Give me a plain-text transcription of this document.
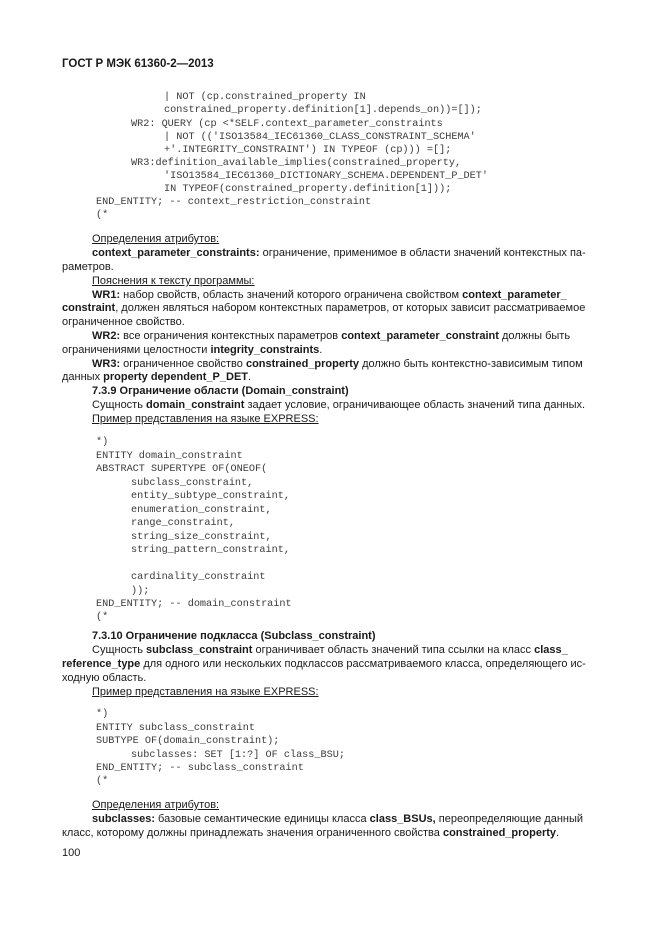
ГОСТ Р МЭК 61360-2—2013
| NOT (cp.constrained_property IN
constrained_property.definition[1].depends_on))=[]);
WR2: QUERY (cp <*SELF.context_parameter_constraints
| NOT (('ISO13584_IEC61360_CLASS_CONSTRAINT_SCHEMA'
+'.INTEGRITY_CONSTRAINT') IN TYPEOF (cp))) =[];
WR3:definition_available_implies(constrained_property,
'ISO13584_IEC61360_DICTIONARY_SCHEMA.DEPENDENT_P_DET'
IN TYPEOF(constrained_property.definition[1]));
END_ENTITY; -- context_restriction_constraint
(*
Определения атрибутов:
context_parameter_constraints: ограничение, применимое в области значений контекстных па-
раметров.
Пояснения к тексту программы:
WR1: набор свойств, область значений которого ограничена свойством context_parameter_
constraint, должен являться набором контекстных параметров, от которых зависит рассматриваемое
ограниченное свойство.
WR2: все ограничения контекстных параметров context_parameter_constraint должны быть
ограничениями целостности integrity_constraints.
WR3: ограниченное свойство constrained_property должно быть контекстно-зависимым типом
данных property dependent_P_DET.
7.3.9 Ограничение области (Domain_constraint)
Сущность domain_constraint задает условие, ограничивающее область значений типа данных.
Пример представления на языке EXPRESS:
*)
ENTITY domain_constraint
ABSTRACT SUPERTYPE OF(ONEOF(
subclass_constraint,
entity_subtype_constraint,
enumeration_constraint,
range_constraint,
string_size_constraint,
string_pattern_constraint,
cardinality_constraint
));
END_ENTITY; -- domain_constraint
(*
7.3.10 Ограничение подкласса (Subclass_constraint)
Сущность subclass_constraint ограничивает область значений типа ссылки на класс class_
reference_type для одного или нескольких подклассов рассматриваемого класса, определяющего ис-
ходную область.
Пример представления на языке EXPRESS:
*)
ENTITY subclass_constraint
SUBTYPE OF(domain_constraint);
subclasses: SET [1:?] OF class_BSU;
END_ENTITY; -- subclass_constraint
(*
Определения атрибутов:
subclasses: базовые семантические единицы класса class_BSUs, переопределяющие данный
класс, которому должны принадлежать значения ограниченного свойства constrained_property.
100
